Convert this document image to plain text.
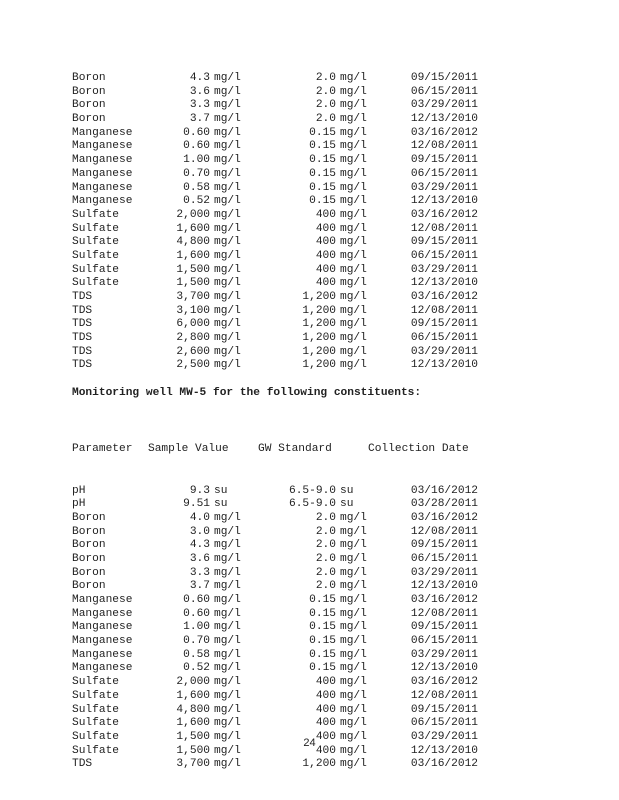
Boron	4.3 mg/l	2.0 mg/l	09/15/2011
Boron	3.6 mg/l	2.0 mg/l	06/15/2011
Boron	3.3 mg/l	2.0 mg/l	03/29/2011
Boron	3.7 mg/l	2.0 mg/l	12/13/2010
Manganese	0.60 mg/l	0.15 mg/l	03/16/2012
Manganese	0.60 mg/l	0.15 mg/l	12/08/2011
Manganese	1.00 mg/l	0.15 mg/l	09/15/2011
Manganese	0.70 mg/l	0.15 mg/l	06/15/2011
Manganese	0.58 mg/l	0.15 mg/l	03/29/2011
Manganese	0.52 mg/l	0.15 mg/l	12/13/2010
Sulfate	2,000 mg/l	400 mg/l	03/16/2012
Sulfate	1,600 mg/l	400 mg/l	12/08/2011
Sulfate	4,800 mg/l	400 mg/l	09/15/2011
Sulfate	1,600 mg/l	400 mg/l	06/15/2011
Sulfate	1,500 mg/l	400 mg/l	03/29/2011
Sulfate	1,500 mg/l	400 mg/l	12/13/2010
TDS	3,700 mg/l	1,200 mg/l	03/16/2012
TDS	3,100 mg/l	1,200 mg/l	12/08/2011
TDS	6,000 mg/l	1,200 mg/l	09/15/2011
TDS	2,800 mg/l	1,200 mg/l	06/15/2011
TDS	2,600 mg/l	1,200 mg/l	03/29/2011
TDS	2,500 mg/l	1,200 mg/l	12/13/2010
Monitoring well MW-5 for the following constituents:

Parameter	Sample Value	GW Standard	Collection Date

pH	9.3 su	6.5-9.0 su	03/16/2012
pH	9.51 su	6.5-9.0 su	03/28/2011
Boron	4.0 mg/l	2.0 mg/l	03/16/2012
Boron	3.0 mg/l	2.0 mg/l	12/08/2011
Boron	4.3 mg/l	2.0 mg/l	09/15/2011
Boron	3.6 mg/l	2.0 mg/l	06/15/2011
Boron	3.3 mg/l	2.0 mg/l	03/29/2011
Boron	3.7 mg/l	2.0 mg/l	12/13/2010
Manganese	0.60 mg/l	0.15 mg/l	03/16/2012
Manganese	0.60 mg/l	0.15 mg/l	12/08/2011
Manganese	1.00 mg/l	0.15 mg/l	09/15/2011
Manganese	0.70 mg/l	0.15 mg/l	06/15/2011
Manganese	0.58 mg/l	0.15 mg/l	03/29/2011
Manganese	0.52 mg/l	0.15 mg/l	12/13/2010
Sulfate	2,000 mg/l	400 mg/l	03/16/2012
Sulfate	1,600 mg/l	400 mg/l	12/08/2011
Sulfate	4,800 mg/l	400 mg/l	09/15/2011
Sulfate	1,600 mg/l	400 mg/l	06/15/2011
Sulfate	1,500 mg/l	400 mg/l	03/29/2011
Sulfate	1,500 mg/l	400 mg/l	12/13/2010
TDS	3,700 mg/l	1,200 mg/l	03/16/2012

24
